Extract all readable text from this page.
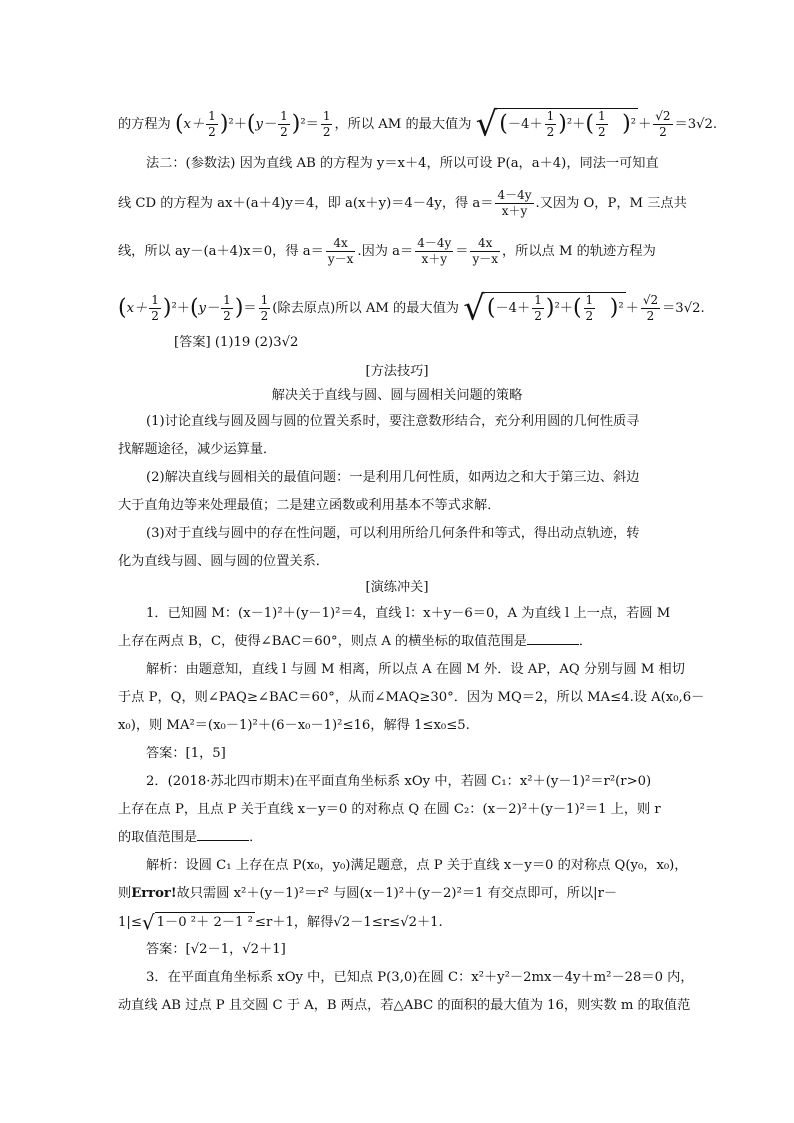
的方程为 $(x+ \frac{1}{2} )^2+(y- \frac{1}{2} )^2= \frac{1}{2}$ ，所以 AM 的最大值为 $√(-4+ \frac{1}{2} )^2+( \frac{1}{2} )^2 + \frac{√2}{2} =3√2$.
法二：(参数法) 因为直线 AB 的方程为 y＝x＋4，所以可设 P(a，a＋4)，同法一可知直
线 CD 的方程为 ax＋(a＋4)y＝4，即 a(x＋y)＝4－4y，得 $a= \frac{4-4y}{x+y}$ .又因为 O，P，M 三点共
线，所以 ay－(a＋4)x＝0，得 $a= \frac{4x}{y-x}$ .因为 $a= \frac{4-4y}{x+y} = \frac{4x}{y-x}$ ，所以点 M 的轨迹方程为
$(x+ \frac{1}{2} )^2+(y- \frac{1}{2}$ )＝ $\frac{1}{2}$ (除去原点)所以 AM 的最大值为 $√(-4+ \frac{1}{2} )^2+( \frac{1}{2} )^2 + \frac{√2}{2} =3√2$.
[答案] (1)19 (2)3√2
[方法技巧]
解决关于直线与圆、圆与圆相关问题的策略
(1)讨论直线与圆及圆与圆的位置关系时，要注意数形结合，充分利用圆的几何性质寻
找解题途径，减少运算量．
(2)解决直线与圆相关的最值问题：一是利用几何性质，如两边之和大于第三边、斜边
大于直角边等来处理最值；二是建立函数或利用基本不等式求解．
(3)对于直线与圆中的存在性问题，可以利用所给几何条件和等式，得出动点轨迹，转
化为直线与圆、圆与圆的位置关系．
[演练冲关]
1．已知圆 M：(x－1)²＋(y－1)²＝4，直线 l：x＋y－6＝0，A 为直线 l 上一点，若圆 M
上存在两点 B，C，使得∠BAC＝60°，则点 A 的横坐标的取值范围是	．
解析：由题意知，直线 l 与圆 M 相离，所以点 A 在圆 M 外．设 AP，AQ 分别与圆 M 相切
于点 P，Q，则∠PAQ≥∠BAC＝60°，从而∠MAQ≥30°．因为 MQ＝2，所以 MA≤4.设 A(x₀,6－
x₀)，则 MA²＝(x₀－1)²＋(6－x₀－1)²≤16，解得 1≤x₀≤5.
答案：[1，5]
2．(2018·苏北四市期末)在平面直角坐标系 xOy 中，若圆 C₁：x²＋(y－1)²＝r²(r>0)
上存在点 P，且点 P 关于直线 x－y＝0 的对称点 Q 在圆 C₂：(x－2)²＋(y－1)²＝1 上，则 r
的取值范围是	．
解析：设圆 C₁ 上存在点 P(x₀，y₀)满足题意，点 P 关于直线 x－y＝0 的对称点 Q(y₀，x₀)，
则Error!故只需圆 x²＋(y－1)²＝r² 与圆(x－1)²＋(y－2)²＝1 有交点即可，所以|r－
1|≤√ 1－0 ²＋ 2－1 ² ≤r＋1，解得√2－1≤r≤√2＋1.
答案：[√2－1，√2＋1]
3．在平面直角坐标系 xOy 中，已知点 P(3,0)在圆 C：x²＋y²－2mx－4y＋m²－28＝0 内，
动直线 AB 过点 P 且交圆 C 于 A，B 两点，若△ABC 的面积的最大值为 16，则实数 m 的取值范
